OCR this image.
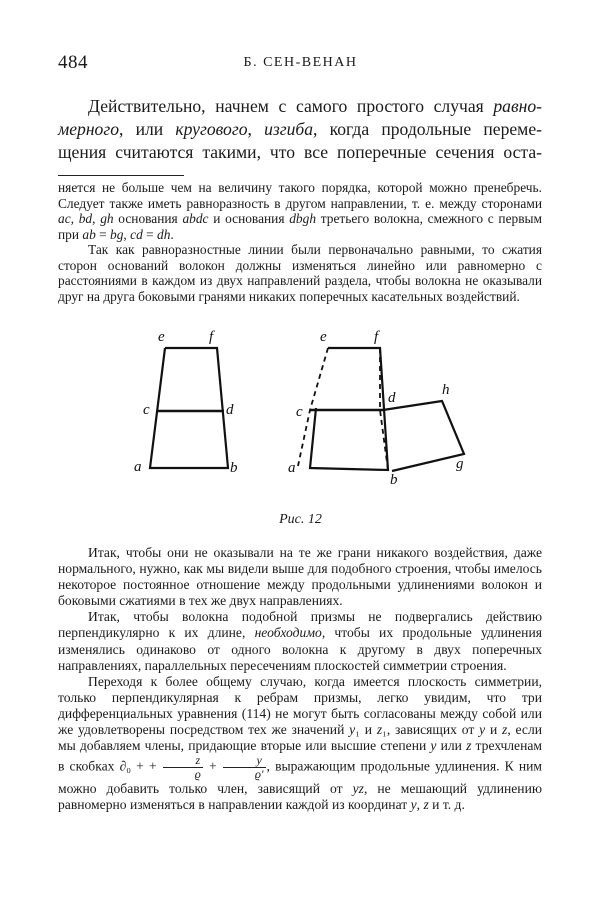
484	Б. СЕН-ВЕНАН

Действительно, начнем с самого простого случая равно-
мерного, или кругового, изгиба, когда продольные переме-
щения считаются такими, что все поперечные сечения оста-

няется не больше чем на величину такого порядка, которой можно пренебречь. Следует также иметь равноразность в другом направлении, т. е. между сторонами ac, bd, gh основания abdc и основания dbgh третьего волокна, смежного с первым при ab = bg, cd = dh.

Так как равноразностные линии были первоначально равными, то сжатия сторон оснований волокон должны изменяться линейно или равномерно с расстояниями в каждом из двух направлений раздела, чтобы волокна не оказывали друг на друга боковыми гранями никаких поперечных касательных воздействий.

e	f
c	d
a	b
e	f
c
d	h
a
b
g
Рис. 12

Итак, чтобы они не оказывали на те же грани никакого воздействия, даже нормального, нужно, как мы видели выше для подобного строения, чтобы имелось некоторое постоянное отношение между продольными удлинениями волокон и боковыми сжатиями в тех же двух направлениях.

Итак, чтобы волокна подобной призмы не подвергались действию перпендикулярно к их длине, необходимо, чтобы их продольные удлинения изменялись одинаково от одного волокна к другому в двух поперечных направлениях, параллельных пересечениям плоскостей симметрии строения.

Переходя к более общему случаю, когда имеется плоскость симметрии, только перпендикулярная к ребрам призмы, легко увидим, что три дифференциальных уравнения (114) не могут быть согласованы между собой или же удовлетворены посредством тех же значений y₁ и z₁, зависящих от y и z, если мы добавляем члены, придающие вторые или высшие степени y или z трехчленам в скобках ∂₀ + + $\frac{z}{ϱ} + \frac{y}{ϱ'}$ , выражающим продольные удлинения. К ним можно добавить только член, зависящий от yz, не мешающий удлинению равномерно изменяться в направлении каждой из координат y, z и т. д.
